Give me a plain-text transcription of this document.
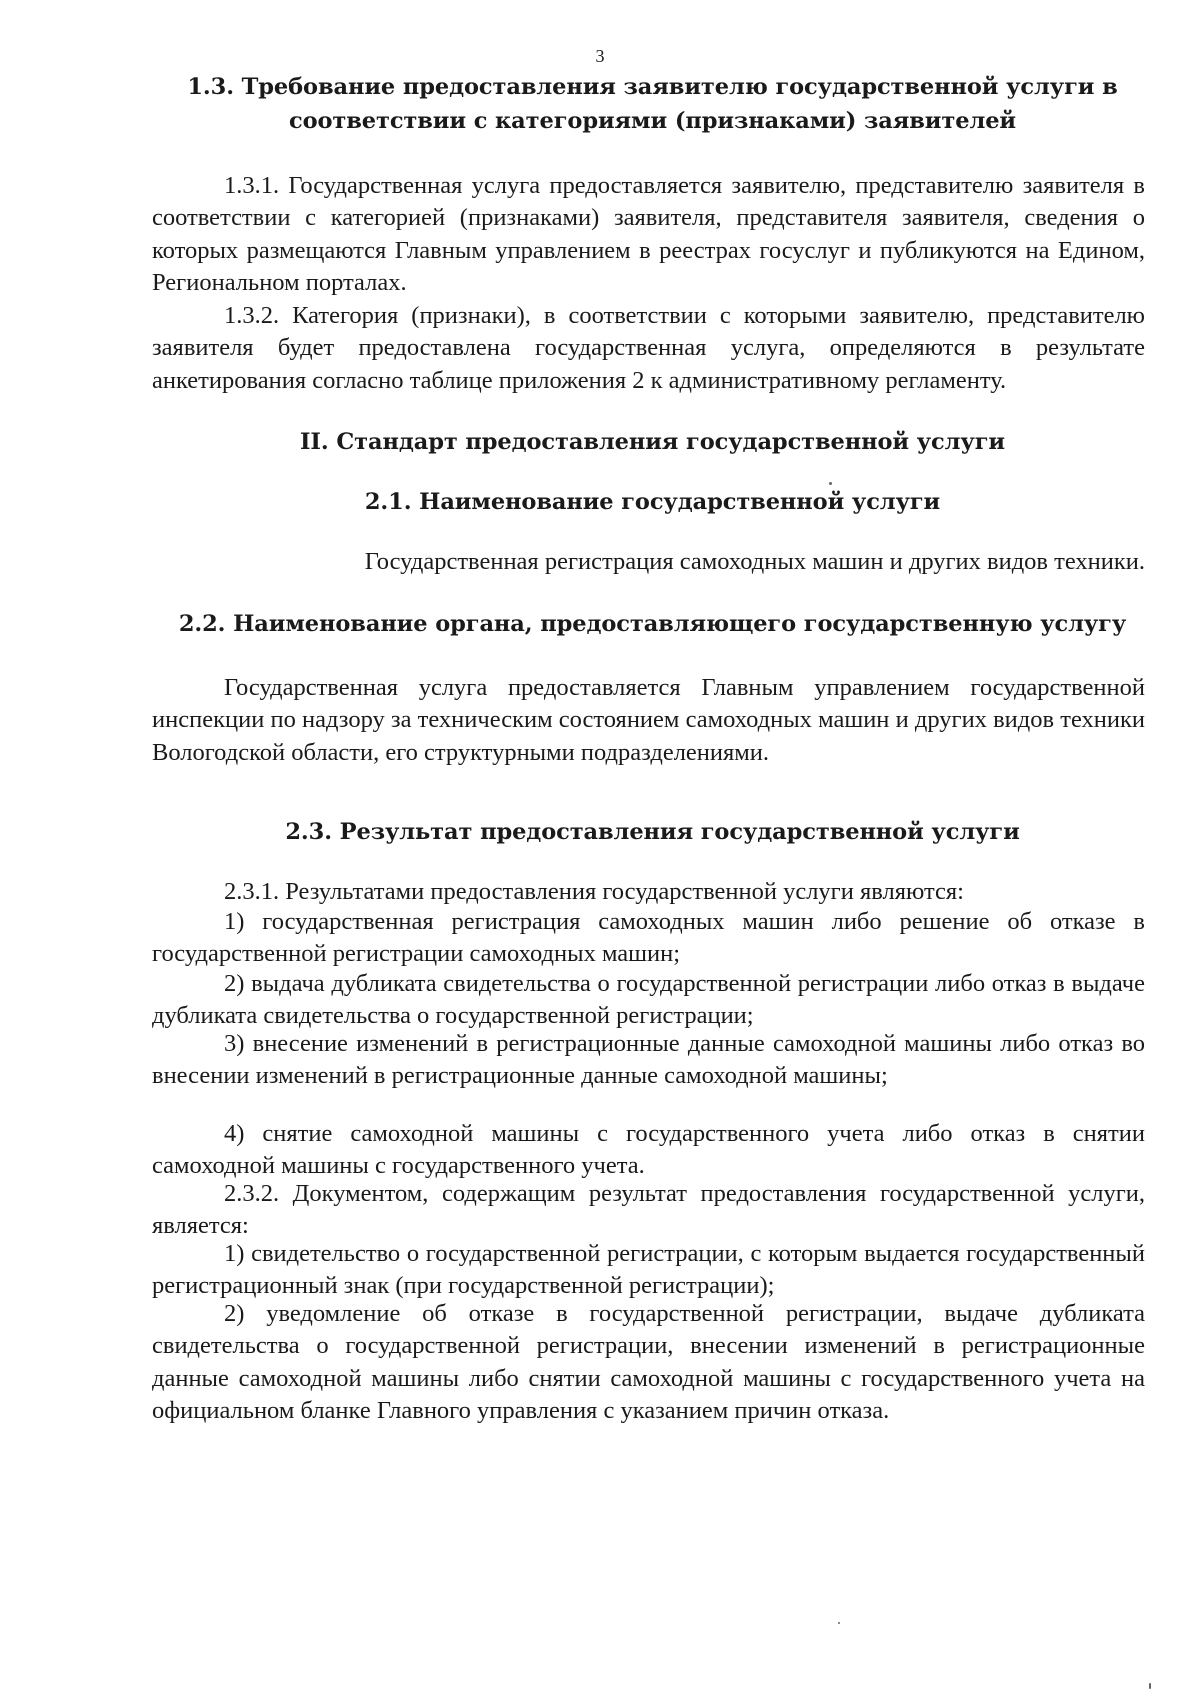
3
1.3. Требование предоставления заявителю государственной услуги в
соответствии с категориями (признаками) заявителей

1.3.1. Государственная услуга предоставляется заявителю, представителю заявителя в соответствии с категорией (признаками) заявителя, представителя заявителя, сведения о которых размещаются Главным управлением в реестрах госуслуг и публикуются на Едином, Региональном порталах.

1.3.2. Категория (признаки), в соответствии с которыми заявителю, представителю заявителя будет предоставлена государственная услуга, определяются в результате анкетирования согласно таблице приложения 2 к административному регламенту.

II. Стандарт предоставления государственной услуги
2.1. Наименование государственной услуги
Государственная регистрация самоходных машин и других видов техники.
2.2. Наименование органа, предоставляющего государственную услугу

Государственная услуга предоставляется Главным управлением государственной инспекции по надзору за техническим состоянием самоходных машин и других видов техники Вологодской области, его структурными подразделениями.

2.3. Результат предоставления государственной услуги

2.3.1. Результатами предоставления государственной услуги являются:

1) государственная регистрация самоходных машин либо решение об отказе в государственной регистрации самоходных машин;

2) выдача дубликата свидетельства о государственной регистрации либо отказ в выдаче дубликата свидетельства о государственной регистрации;

3) внесение изменений в регистрационные данные самоходной машины либо отказ во внесении изменений в регистрационные данные самоходной машины;

4) снятие самоходной машины с государственного учета либо отказ в снятии самоходной машины с государственного учета.

2.3.2. Документом, содержащим результат предоставления государственной услуги, является:

1) свидетельство о государственной регистрации, с которым выдается государственный регистрационный знак (при государственной регистрации);

2) уведомление об отказе в государственной регистрации, выдаче дубликата свидетельства о государственной регистрации, внесении изменений в регистрационные данные самоходной машины либо снятии самоходной машины с государственного учета на официальном бланке Главного управления с указанием причин отказа.
